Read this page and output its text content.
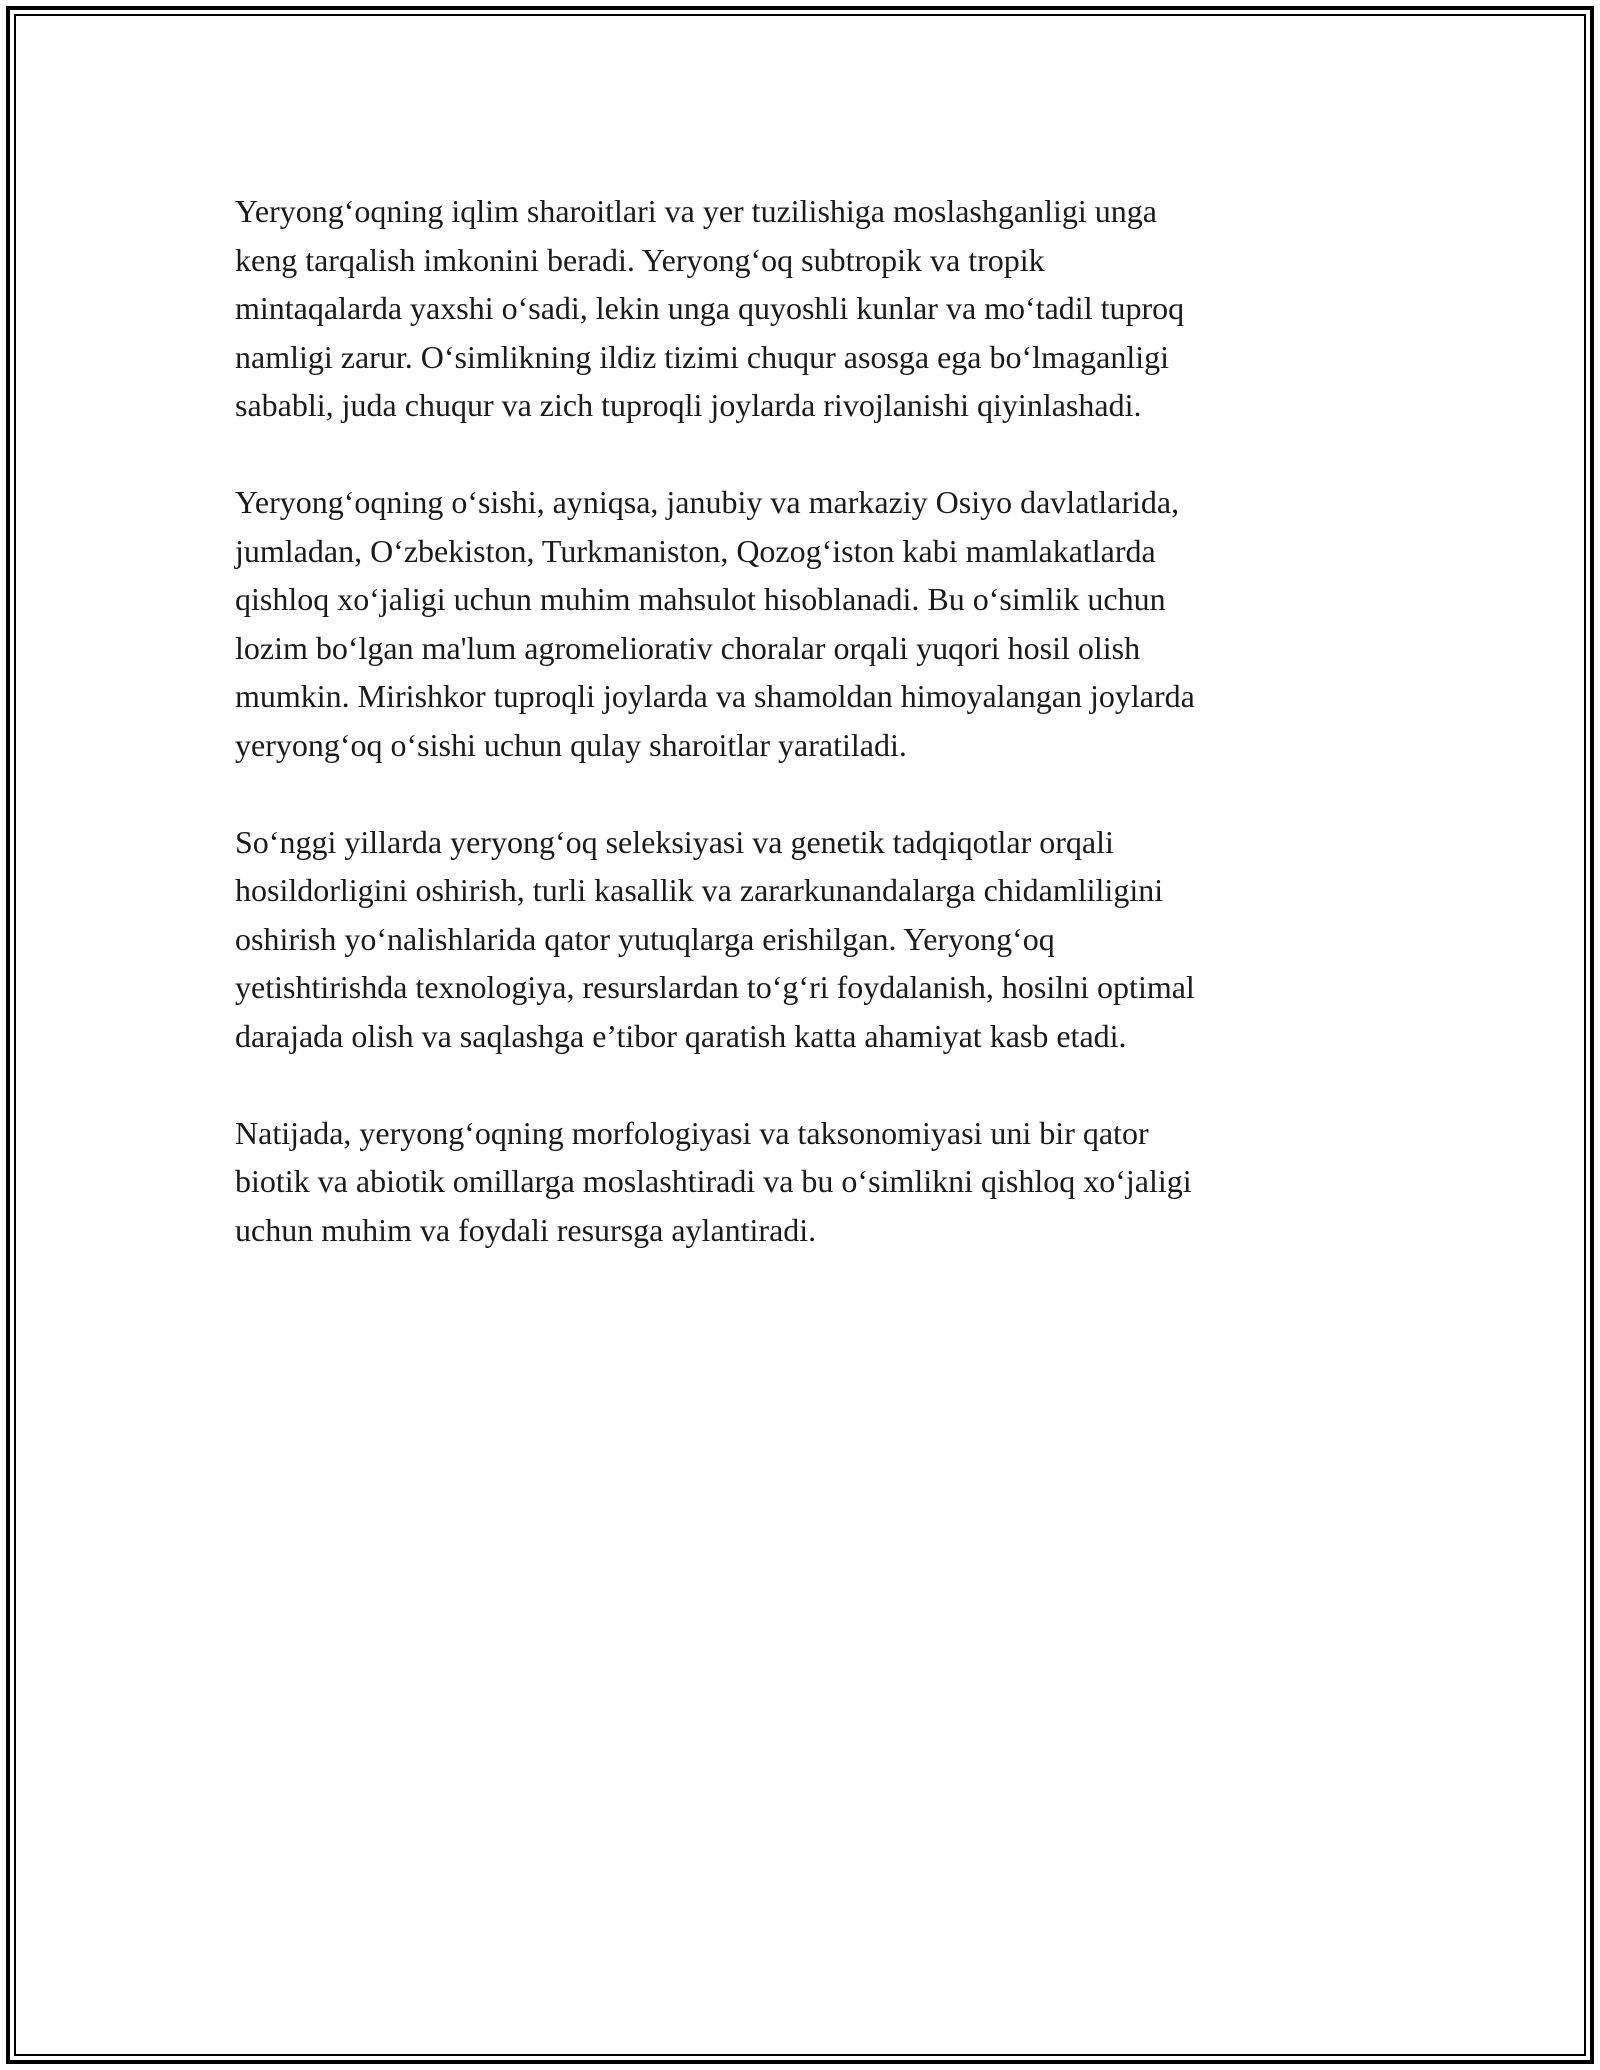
Yeryong‘oqning iqlim sharoitlari va yer tuzilishiga moslashganligi unga
keng tarqalish imkonini beradi. Yeryong‘oq subtropik va tropik
mintaqalarda yaxshi o‘sadi, lekin unga quyoshli kunlar va mo‘tadil tuproq
namligi zarur. O‘simlikning ildiz tizimi chuqur asosga ega bo‘lmaganligi
sababli, juda chuqur va zich tuproqli joylarda rivojlanishi qiyinlashadi.

Yeryong‘oqning o‘sishi, ayniqsa, janubiy va markaziy Osiyo davlatlarida,
jumladan, O‘zbekiston, Turkmaniston, Qozog‘iston kabi mamlakatlarda
qishloq xo‘jaligi uchun muhim mahsulot hisoblanadi. Bu o‘simlik uchun
lozim bo‘lgan ma'lum agromeliorativ choralar orqali yuqori hosil olish
mumkin. Mirishkor tuproqli joylarda va shamoldan himoyalangan joylarda
yeryong‘oq o‘sishi uchun qulay sharoitlar yaratiladi.

So‘nggi yillarda yeryong‘oq seleksiyasi va genetik tadqiqotlar orqali
hosildorligini oshirish, turli kasallik va zararkunandalarga chidamliligini
oshirish yo‘nalishlarida qator yutuqlarga erishilgan. Yeryong‘oq
yetishtirishda texnologiya, resurslardan to‘g‘ri foydalanish, hosilni optimal
darajada olish va saqlashga e’tibor qaratish katta ahamiyat kasb etadi.

Natijada, yeryong‘oqning morfologiyasi va taksonomiyasi uni bir qator
biotik va abiotik omillarga moslashtiradi va bu o‘simlikni qishloq xo‘jaligi
uchun muhim va foydali resursga aylantiradi.
